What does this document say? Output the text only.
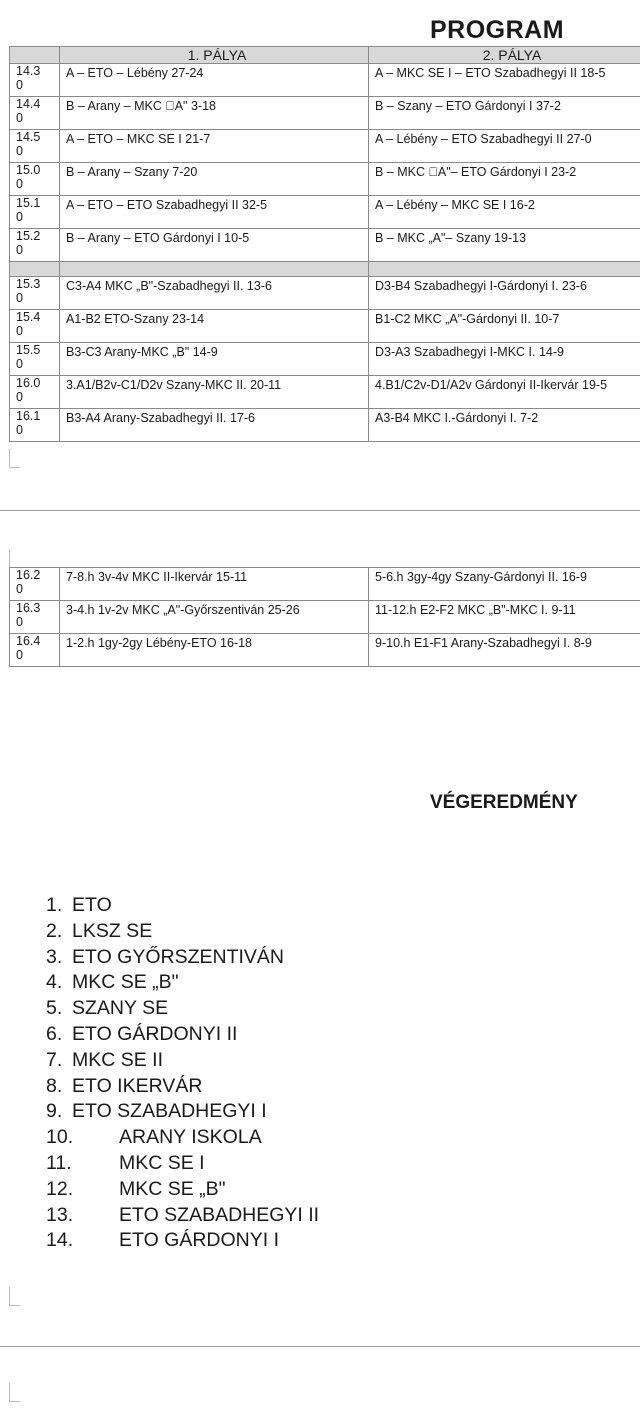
PROGRAM
	1. PÁLYA	2. PÁLYA

14.3
0	A – ETO – Lébény 27-24	A – MKC SE I – ETO Szabadhegyi II 18-5

14.4
0	B – Arany – MKC  A" 3-18	B – Szany – ETO Gárdonyi I 37-2

14.5
0	A – ETO – MKC SE I 21-7	A – Lébény – ETO Szabadhegyi II 27-0

15.0
0	B – Arany – Szany 7-20	B – MKC  A"– ETO Gárdonyi I 23-2

15.1
0	A – ETO – ETO Szabadhegyi II 32-5	A – Lébény – MKC SE I 16-2

15.2
0	B – Arany – ETO Gárdonyi I 10-5	B – MKC „A"– Szany 19-13

15.3
0	C3-A4 MKC „B"-Szabadhegyi II. 13-6	D3-B4 Szabadhegyi I-Gárdonyi I. 23-6

15.4
0	A1-B2 ETO-Szany 23-14	B1-C2 MKC „A"-Gárdonyi II. 10-7

15.5
0	B3-C3 Arany-MKC „B" 14-9	D3-A3 Szabadhegyi I-MKC I. 14-9

16.0
0	3.A1/B2v-C1/D2v Szany-MKC II. 20-11	4.B1/C2v-D1/A2v Gárdonyi II-Ikervár 19-5

16.1
0	B3-A4 Arany-Szabadhegyi II. 17-6	A3-B4 MKC I.-Gárdonyi I. 7-2
16.2
0	7-8.h 3v-4v MKC II-Ikervár 15-11	5-6.h 3gy-4gy Szany-Gárdonyi II. 16-9

16.3
0	3-4.h 1v-2v MKC „A"-Győrszentiván 25-26	11-12.h E2-F2 MKC „B"-MKC I. 9-11

16.4
0	1-2.h 1gy-2gy Lébény-ETO 16-18	9-10.h E1-F1 Arany-Szabadhegyi I. 8-9
VÉGEREDMÉNY
1. ETO
2. LKSZ SE
3. ETO GYŐRSZENTIVÁN
4. MKC SE „B"
5. SZANY SE
6. ETO GÁRDONYI II
7. MKC SE II
8. ETO IKERVÁR
9. ETO SZABADHEGYI I
10. ARANY ISKOLA
11. MKC SE I
12. MKC SE „B"
13. ETO SZABADHEGYI II
14. ETO GÁRDONYI I
